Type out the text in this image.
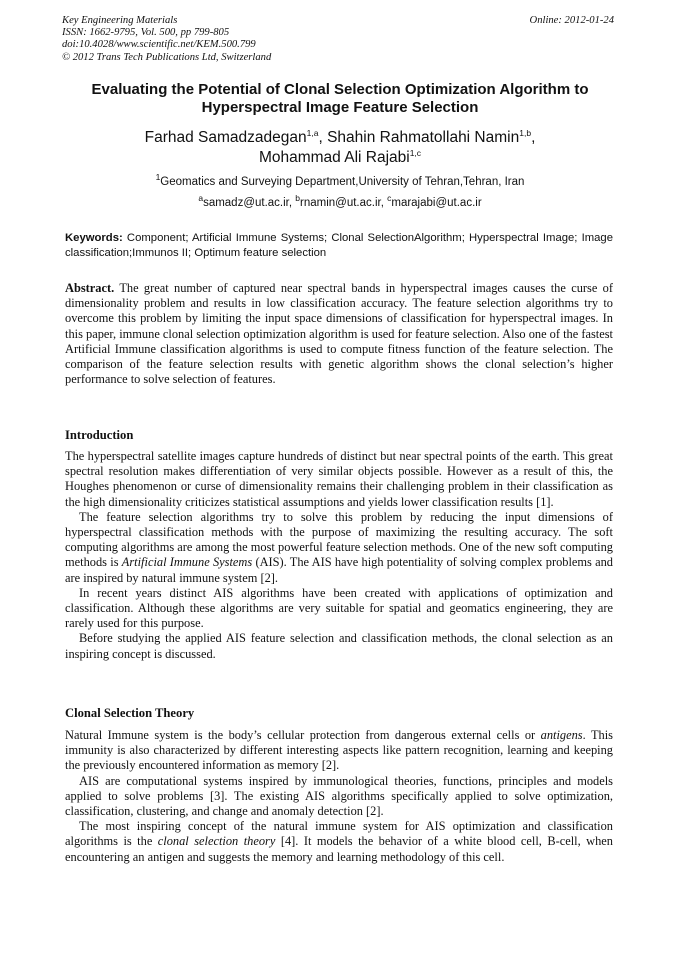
Key Engineering Materials
ISSN: 1662-9795, Vol. 500, pp 799-805
doi:10.4028/www.scientific.net/KEM.500.799
© 2012 Trans Tech Publications Ltd, Switzerland
Online: 2012-01-24
Evaluating the Potential of Clonal Selection Optimization Algorithm to Hyperspectral Image Feature Selection
Farhad Samadzadegan$^{1,a}$, Shahin Rahmatollahi Namin$^{1,b}$,
Mohammad Ali Rajabi$^{1,c}$
$^1$Geomatics and Surveying Department,University of Tehran,Tehran, Iran
$^a$samadz@ut.ac.ir, $^b$rnamin@ut.ac.ir, $^c$marajabi@ut.ac.ir
Keywords: Component; Artificial Immune Systems; Clonal SelectionAlgorithm; Hyperspectral Image; Image classification;Immunos II; Optimum feature selection
Abstract. The great number of captured near spectral bands in hyperspectral images causes the curse of dimensionality problem and results in low classification accuracy. The feature selection algorithms try to overcome this problem by limiting the input space dimensions of classification for hyperspectral images. In this paper, immune clonal selection optimization algorithm is used for feature selection. Also one of the fastest Artificial Immune classification algorithms is used to compute fitness function of the feature selection. The comparison of the feature selection results with genetic algorithm shows the clonal selection’s higher performance to solve selection of features.
Introduction

The hyperspectral satellite images capture hundreds of distinct but near spectral points of the earth. This great spectral resolution makes differentiation of very similar objects possible. However as a result of this, the Houghes phenomenon or curse of dimensionality remains their challenging problem in their classification as the high dimensionality criticizes statistical assumptions and yields lower classification results [1].

The feature selection algorithms try to solve this problem by reducing the input dimensions of hyperspectral classification methods with the purpose of maximizing the resulting accuracy. The soft computing algorithms are among the most powerful feature selection methods. One of the new soft computing methods is Artificial Immune Systems (AIS). The AIS have high potentiality of solving complex problems and are inspired by natural immune system [2].

In recent years distinct AIS algorithms have been created with applications of optimization and classification. Although these algorithms are very suitable for spatial and geomatics engineering, they are rarely used for this purpose.

Before studying the applied AIS feature selection and classification methods, the clonal selection as an inspiring concept is discussed.

Clonal Selection Theory

Natural Immune system is the body’s cellular protection from dangerous external cells or antigens. This immunity is also characterized by different interesting aspects like pattern recognition, learning and keeping the previously encountered information as memory [2].

AIS are computational systems inspired by immunological theories, functions, principles and models applied to solve problems [3]. The existing AIS algorithms specifically applied to solve optimization, classification, clustering, and change and anomaly detection [2].

The most inspiring concept of the natural immune system for AIS optimization and classification algorithms is the clonal selection theory [4]. It models the behavior of a white blood cell, B-cell, when encountering an antigen and suggests the memory and learning methodology of this cell.
